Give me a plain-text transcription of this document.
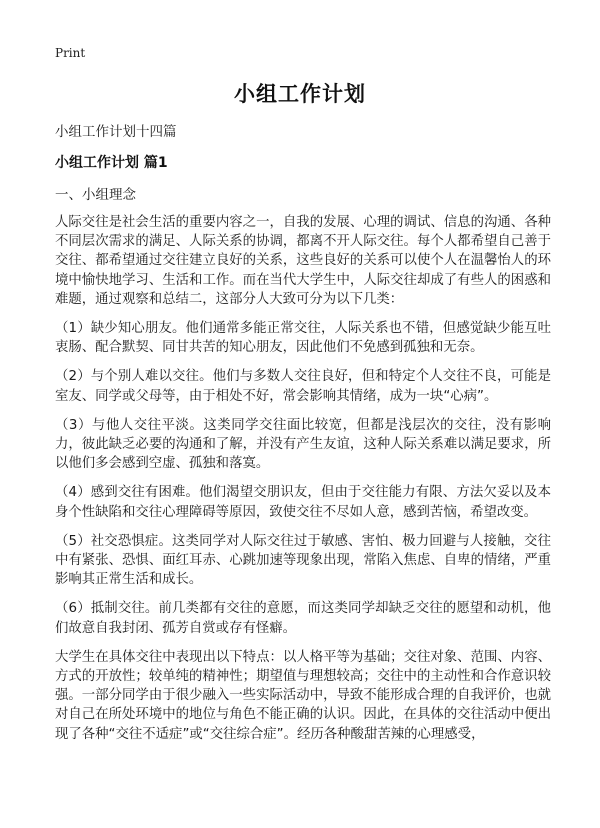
Print
小组工作计划
小组工作计划十四篇
小组工作计划 篇1
一、小组理念

人际交往是社会生活的重要内容之一，自我的发展、心理的调试、信息的沟通、各种不同层次需求的满足、人际关系的协调，都离不开人际交往。每个人都希望自己善于交往、都希望通过交往建立良好的关系，这些良好的关系可以使个人在温馨怡人的环境中愉快地学习、生活和工作。而在当代大学生中，人际交往却成了有些人的困惑和难题，通过观察和总结二，这部分人大致可分为以下几类：

（1）缺少知心朋友。他们通常多能正常交往，人际关系也不错，但感觉缺少能互吐衷肠、配合默契、同甘共苦的知心朋友，因此他们不免感到孤独和无奈。

（2）与个别人难以交往。他们与多数人交往良好，但和特定个人交往不良，可能是室友、同学或父母等，由于相处不好，常会影响其情绪，成为一块“心病”。

（3）与他人交往平淡。这类同学交往面比较宽，但都是浅层次的交往，没有影响力，彼此缺乏必要的沟通和了解，并没有产生友谊，这种人际关系难以满足要求，所以他们多会感到空虚、孤独和落寞。

（4）感到交往有困难。他们渴望交朋识友，但由于交往能力有限、方法欠妥以及本身个性缺陷和交往心理障碍等原因，致使交往不尽如人意，感到苦恼，希望改变。

（5）社交恐惧症。这类同学对人际交往过于敏感、害怕、极力回避与人接触，交往中有紧张、恐惧、面红耳赤、心跳加速等现象出现，常陷入焦虑、自卑的情绪，严重影响其正常生活和成长。

（6）抵制交往。前几类都有交往的意愿，而这类同学却缺乏交往的愿望和动机，他们故意自我封闭、孤芳自赏或存有怪癖。

大学生在具体交往中表现出以下特点：以人格平等为基础；交往对象、范围、内容、方式的开放性；较单纯的精神性；期望值与理想较高；交往中的主动性和合作意识较强。一部分同学由于很少融入一些实际活动中，导致不能形成合理的自我评价，也就对自己在所处环境中的地位与角色不能正确的认识。因此，在具体的交往活动中便出现了各种“交往不适症”或“交往综合症”。经历各种酸甜苦辣的心理感受，
